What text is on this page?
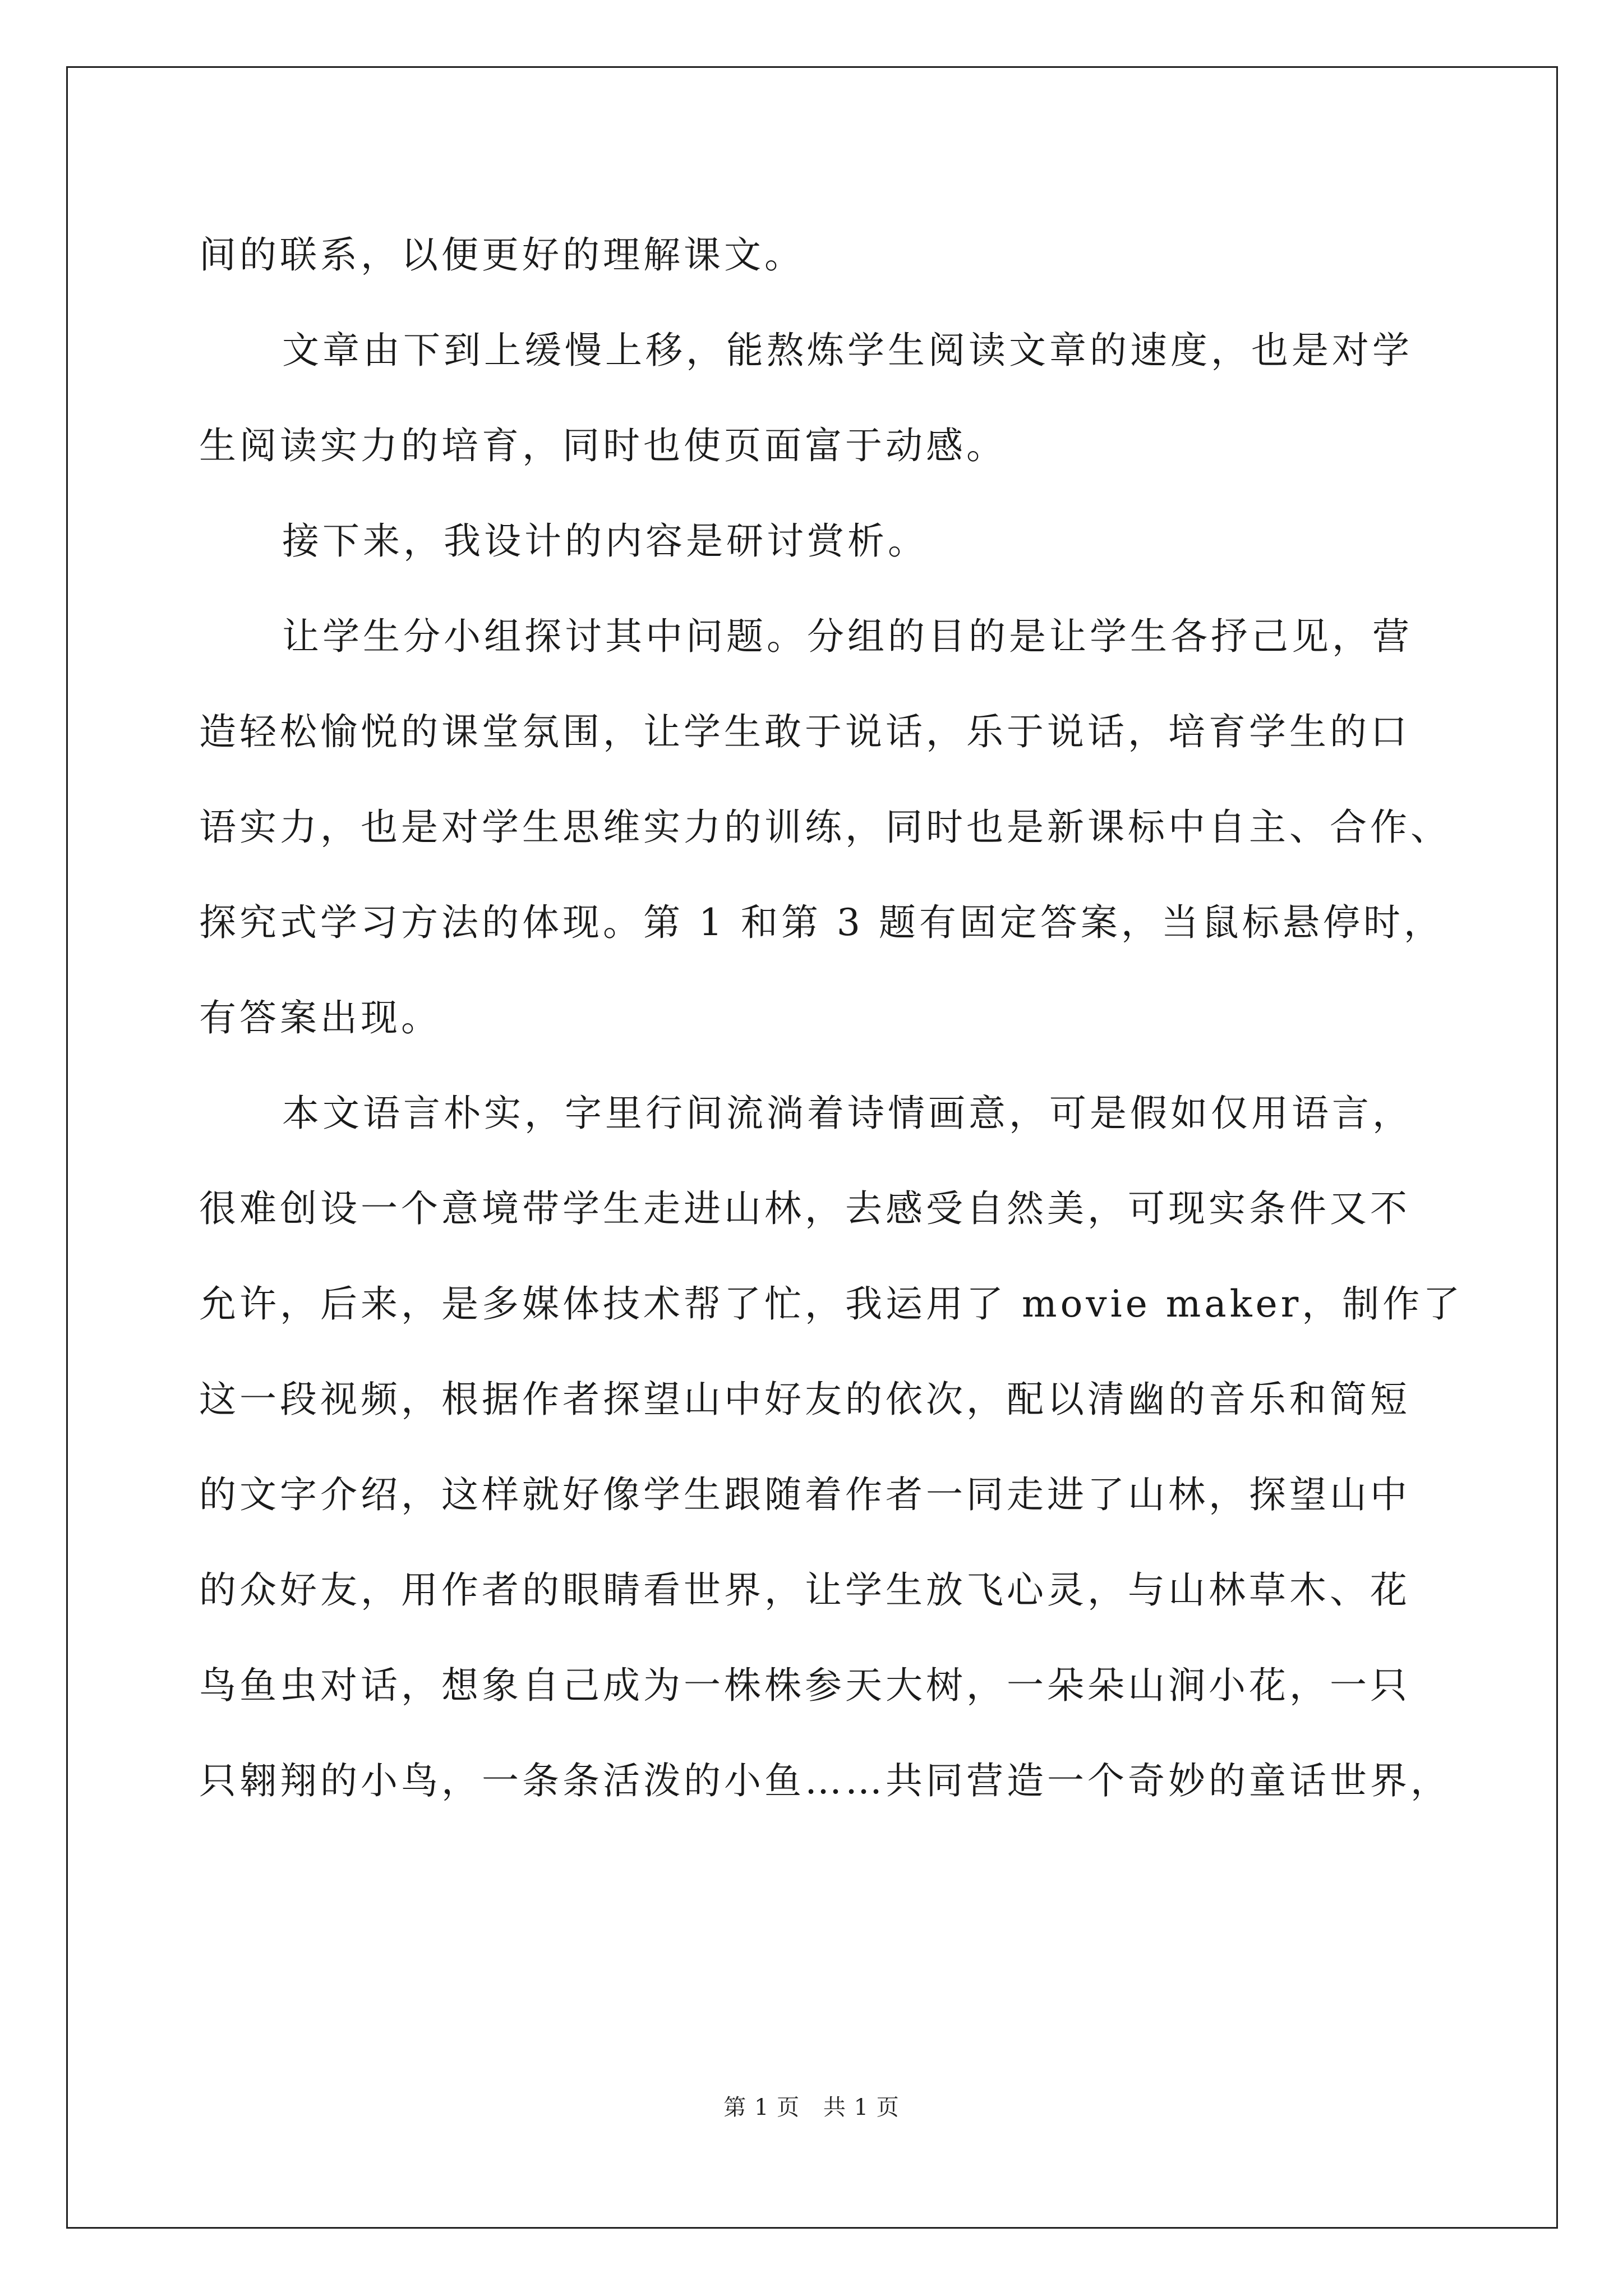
间的联系，以便更好的理解课文。
文章由下到上缓慢上移，能熬炼学生阅读文章的速度，也是对学
生阅读实力的培育，同时也使页面富于动感。
接下来，我设计的内容是研讨赏析。
让学生分小组探讨其中问题。分组的目的是让学生各抒己见，营
造轻松愉悦的课堂氛围，让学生敢于说话，乐于说话，培育学生的口
语实力，也是对学生思维实力的训练，同时也是新课标中自主、合作、
探究式学习方法的体现。第 1 和第 3 题有固定答案，当鼠标悬停时，
有答案出现。
本文语言朴实，字里行间流淌着诗情画意，可是假如仅用语言，
很难创设一个意境带学生走进山林，去感受自然美，可现实条件又不
允许，后来，是多媒体技术帮了忙，我运用了 movie maker，制作了
这一段视频，根据作者探望山中好友的依次，配以清幽的音乐和简短
的文字介绍，这样就好像学生跟随着作者一同走进了山林，探望山中
的众好友，用作者的眼睛看世界，让学生放飞心灵，与山林草木、花
鸟鱼虫对话，想象自己成为一株株参天大树，一朵朵山涧小花，一只
只翱翔的小鸟，一条条活泼的小鱼……共同营造一个奇妙的童话世界，
第 1 页 共 1 页
